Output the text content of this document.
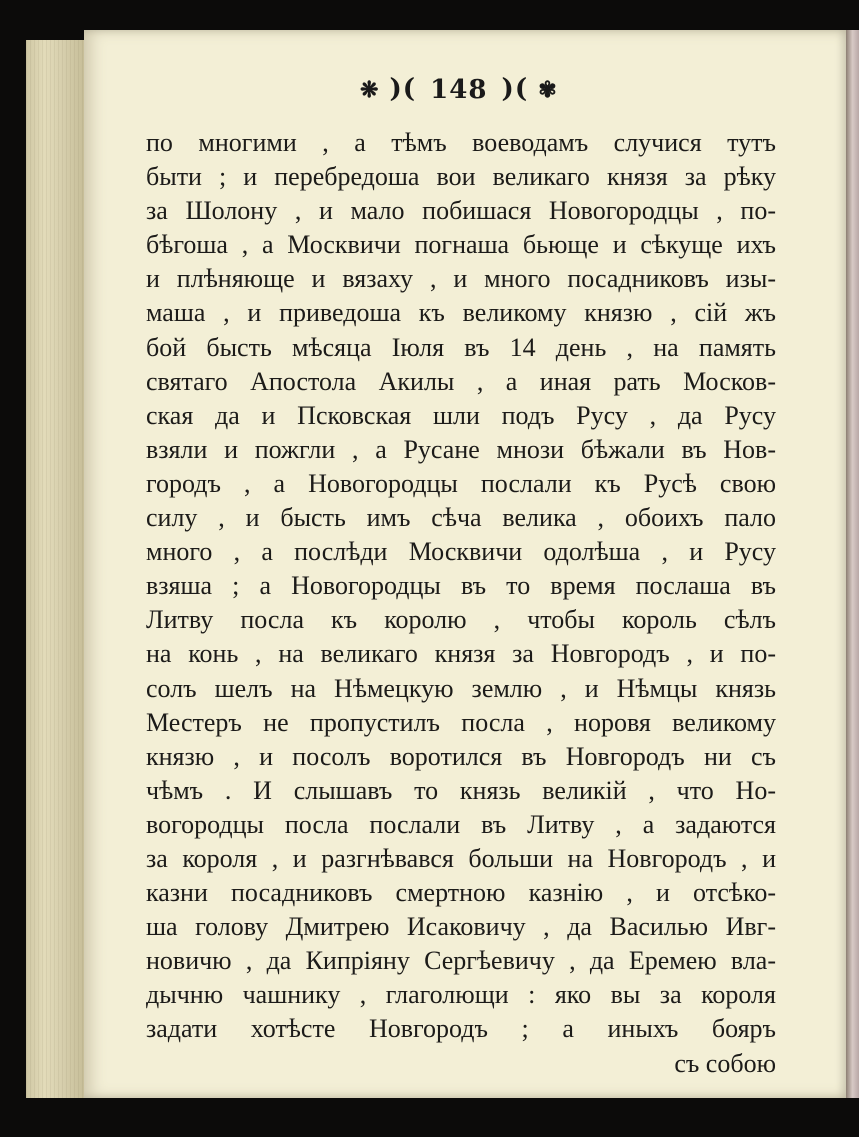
❋ )( 148 )( ✾
по многими , а тѣмъ воеводамъ случися тутъ
быти ; и перебредоша вои великаго князя за рѣку
за Шолону , и мало побишася Новогородцы , по-
бѣгоша , а Москвичи погнаша бьюще и сѣкуще ихъ
и плѣняюще и вязаху , и много посадниковъ изы-
маша , и приведоша къ великому князю , сій жъ
бой бысть мѣсяца Іюля въ 14 день , на память
святаго Апостола Акилы , а иная рать Москов-
ская да и Псковская шли подъ Русу , да Русу
взяли и пожгли , а Русане мнози бѣжали въ Нов-
городъ , а Новогородцы послали къ Русѣ свою
силу , и бысть имъ сѣча велика , обоихъ пало
много , а послѣди Москвичи одолѣша , и Русу
взяша ; а Новогородцы въ то время послаша въ
Литву посла къ королю , чтобы король сѣлъ
на конь , на великаго князя за Новгородъ , и по-
солъ шелъ на Нѣмецкую землю , и Нѣмцы князь
Местеръ не пропустилъ посла , норовя великому
князю , и посолъ воротился въ Новгородъ ни съ
чѣмъ . И слышавъ то князь великій , что Но-
вогородцы посла послали въ Литву , а задаются
за короля , и разгнѣвався больши на Новгородъ , и
казни посадниковъ смертною казнію , и отсѣко-
ша голову Дмитрею Исаковичу , да Василью Ивг-
новичю , да Кипріяну Сергѣевичу , да Еремею вла-
дычню чашнику , глаголющи : яко вы за короля
задати хотѣсте Новгородъ ; а иныхъ бояръ
съ собою
